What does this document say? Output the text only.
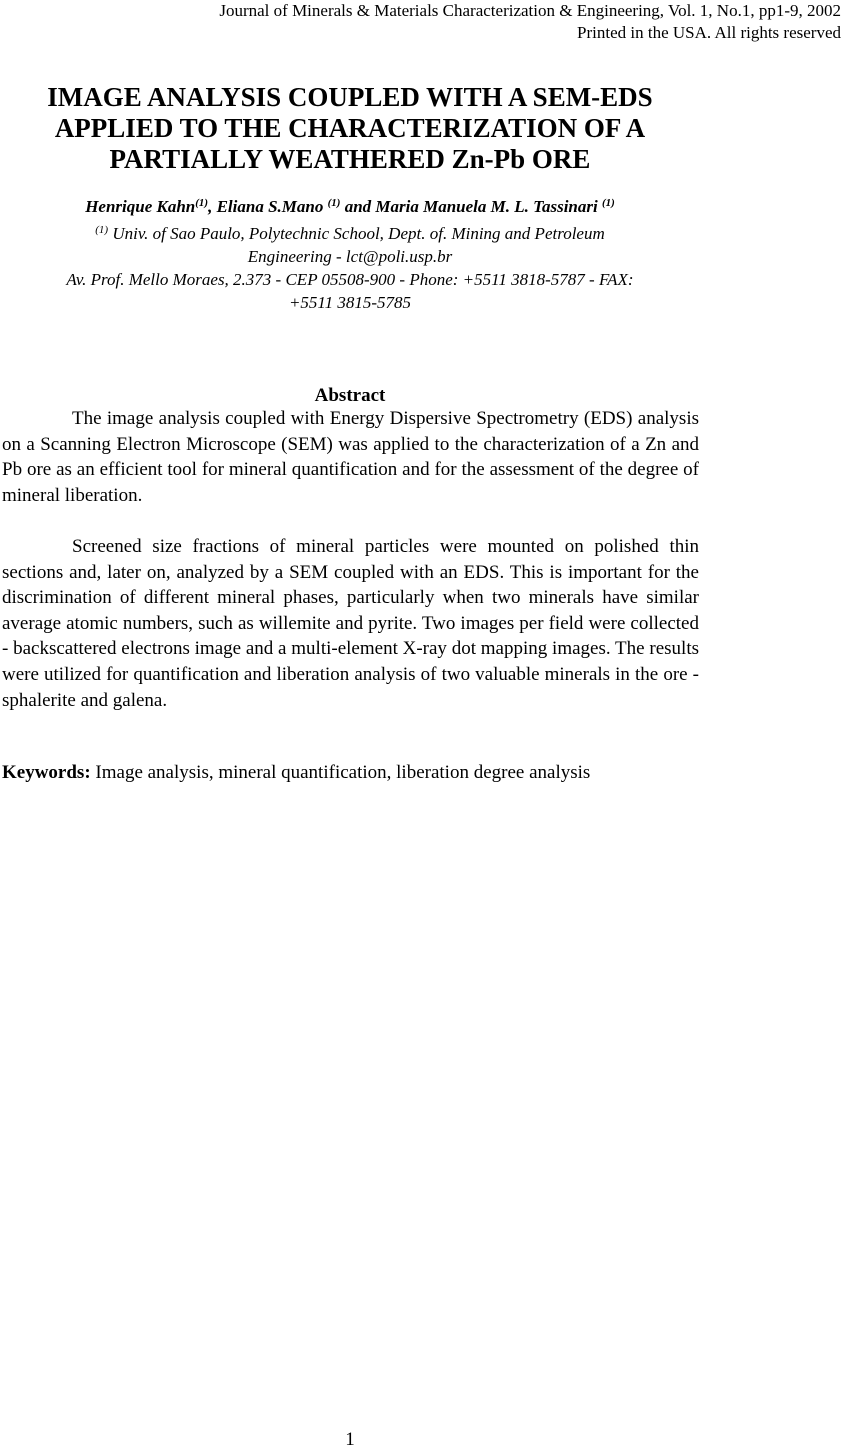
Journal of Minerals & Materials Characterization & Engineering, Vol. 1, No.1, pp1-9, 2002
Printed in the USA. All rights reserved
IMAGE ANALYSIS COUPLED WITH A SEM-EDS
APPLIED TO THE CHARACTERIZATION OF A
PARTIALLY WEATHERED Zn-Pb ORE
Henrique Kahn$^{(1)}$, Eliana S.Mano $^{(1)}$ and Maria Manuela M. L. Tassinari $^{(1)}$
$^{(1)}$ Univ. of Sao Paulo, Polytechnic School, Dept. of. Mining and Petroleum
Engineering - lct@poli.usp.br
Av. Prof. Mello Moraes, 2.373 - CEP 05508-900 - Phone: +5511 3818-5787 - FAX:
+5511 3815-5785
Abstract

The image analysis coupled with Energy Dispersive Spectrometry (EDS) analysis on a Scanning Electron Microscope (SEM) was applied to the characterization of a Zn and Pb ore as an efficient tool for mineral quantification and for the assessment of the degree of mineral liberation.

Screened size fractions of mineral particles were mounted on polished thin sections and, later on, analyzed by a SEM coupled with an EDS. This is important for the discrimination of different mineral phases, particularly when two minerals have similar average atomic numbers, such as willemite and pyrite. Two images per field were collected - backscattered electrons image and a multi-element X-ray dot mapping images. The results were utilized for quantification and liberation analysis of two valuable minerals in the ore - sphalerite and galena.

Keywords: Image analysis, mineral quantification, liberation degree analysis
1
